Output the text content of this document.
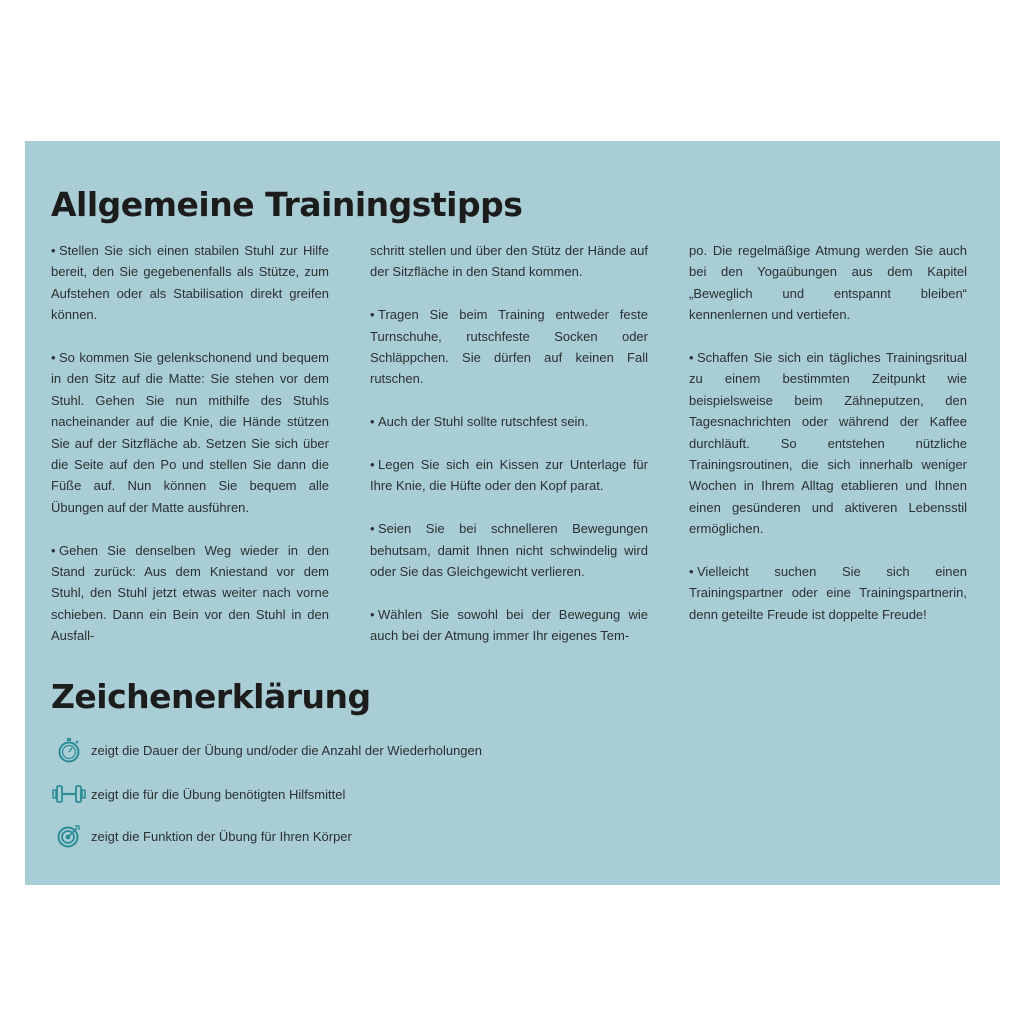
Allgemeine Trainingstipps

• Stellen Sie sich einen stabilen Stuhl zur Hilfe bereit, den Sie gegebenenfalls als Stütze, zum Aufstehen oder als Stabilisation direkt greifen können.

• So kommen Sie gelenkschonend und bequem in den Sitz auf die Matte: Sie stehen vor dem Stuhl. Gehen Sie nun mithilfe des Stuhls nacheinander auf die Knie, die Hände stützen Sie auf der Sitzfläche ab. Setzen Sie sich über die Seite auf den Po und stellen Sie dann die Füße auf. Nun können Sie bequem alle Übungen auf der Matte ausführen.

• Gehen Sie denselben Weg wieder in den Stand zurück: Aus dem Kniestand vor dem Stuhl, den Stuhl jetzt etwas weiter nach vorne schieben. Dann ein Bein vor den Stuhl in den Ausfall-

schritt stellen und über den Stütz der Hände auf der Sitzfläche in den Stand kommen.

• Tragen Sie beim Training entweder feste Turnschuhe, rutschfeste Socken oder Schläppchen. Sie dürfen auf keinen Fall rutschen.

• Auch der Stuhl sollte rutschfest sein.

• Legen Sie sich ein Kissen zur Unterlage für Ihre Knie, die Hüfte oder den Kopf parat.

• Seien Sie bei schnelleren Bewegungen behutsam, damit Ihnen nicht schwindelig wird oder Sie das Gleichgewicht verlieren.

• Wählen Sie sowohl bei der Bewegung wie auch bei der Atmung immer Ihr eigenes Tem-

po. Die regelmäßige Atmung werden Sie auch bei den Yogaübungen aus dem Kapitel „Beweglich und entspannt bleiben“ kennenlernen und vertiefen.

• Schaffen Sie sich ein tägliches Trainingsritual zu einem bestimmten Zeitpunkt wie beispielsweise beim Zähneputzen, den Tagesnachrichten oder während der Kaffee durchläuft. So entstehen nützliche Trainingsroutinen, die sich innerhalb weniger Wochen in Ihrem Alltag etablieren und Ihnen einen gesünderen und aktiveren Lebensstil ermöglichen.

• Vielleicht suchen Sie sich einen Trainingspartner oder eine Trainingspartnerin, denn geteilte Freude ist doppelte Freude!

Zeichenerklärung
zeigt die Dauer der Übung und/oder die Anzahl der Wiederholungen
zeigt die für die Übung benötigten Hilfsmittel
zeigt die Funktion der Übung für Ihren Körper
